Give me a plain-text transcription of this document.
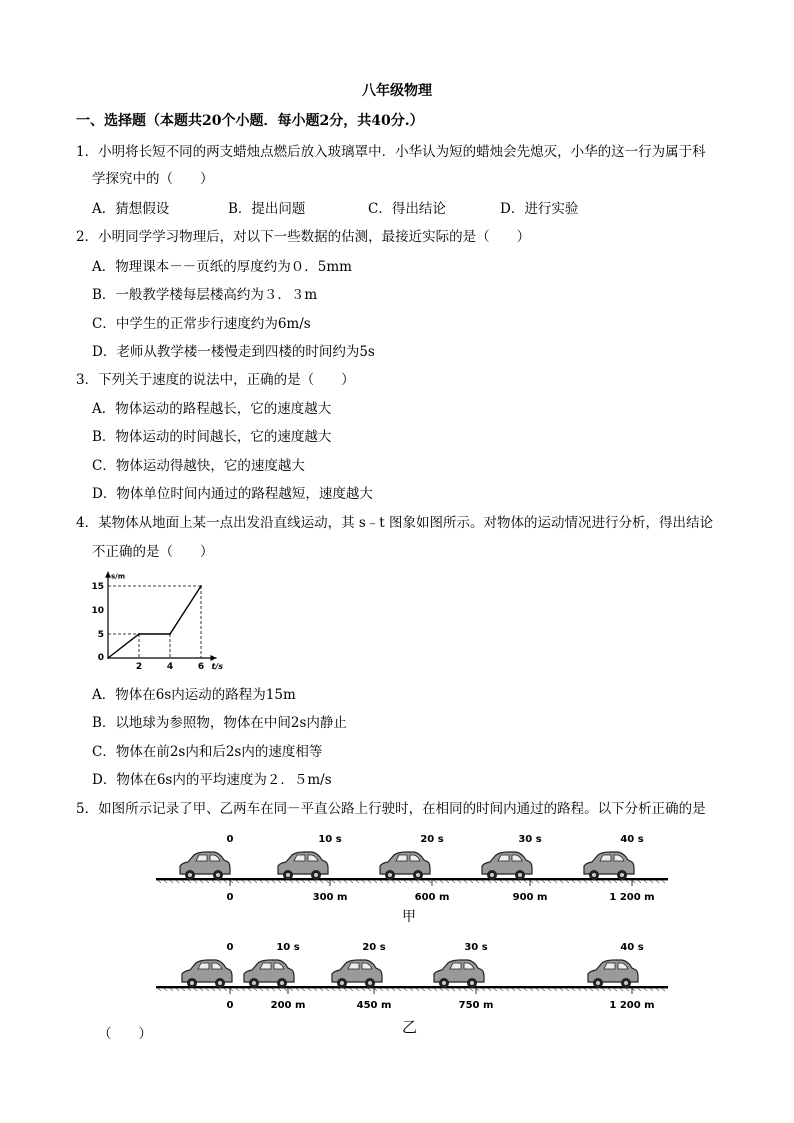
八年级物理
一、选择题（本题共20个小题．每小题2分，共40分.）
1．小明将长短不同的两支蜡烛点燃后放入玻璃罩中．小华认为短的蜡烛会先熄灭，小华的这一行为属于科
学探究中的（　　）
A．猜想假设	B．提出问题	C．得出结论	D．进行实验
2．小明同学学习物理后，对以下一些数据的估测，最接近实际的是（　　）
A．物理课本－－页纸的厚度约为０．5mm
B．一般教学楼每层楼高约为３．３m
C．中学生的正常步行速度约为6m/s
D．老师从教学楼一楼慢走到四楼的时间约为5s
3．下列关于速度的说法中，正确的是（　　）
A．物体运动的路程越长，它的速度越大
B．物体运动的时间越长，它的速度越大
C．物体运动得越快，它的速度越大
D．物体单位时间内通过的路程越短，速度越大
4．某物体从地面上某一点出发沿直线运动，其 s﹣t 图象如图所示。对物体的运动情况进行分析，得出结论
不正确的是（　　）
2	4	6
0
5
10
15
t/s
s/m
A．物体在6s内运动的路程为15m
B．以地球为参照物，物体在中间2s内静止
C．物体在前2s内和后2s内的速度相等
D．物体在6s内的平均速度为２．５m/s
5．如图所示记录了甲、乙两车在同－平直公路上行驶时，在相同的时间内通过的路程。以下分析正确的是
0	10 s	20 s	30 s	40 s
0	300 m	600 m	900 m	1 200 m
0	10 s	20 s	30 s	40 s
0	200 m	450 m	750 m	1 200 m
甲
乙
（　　）
